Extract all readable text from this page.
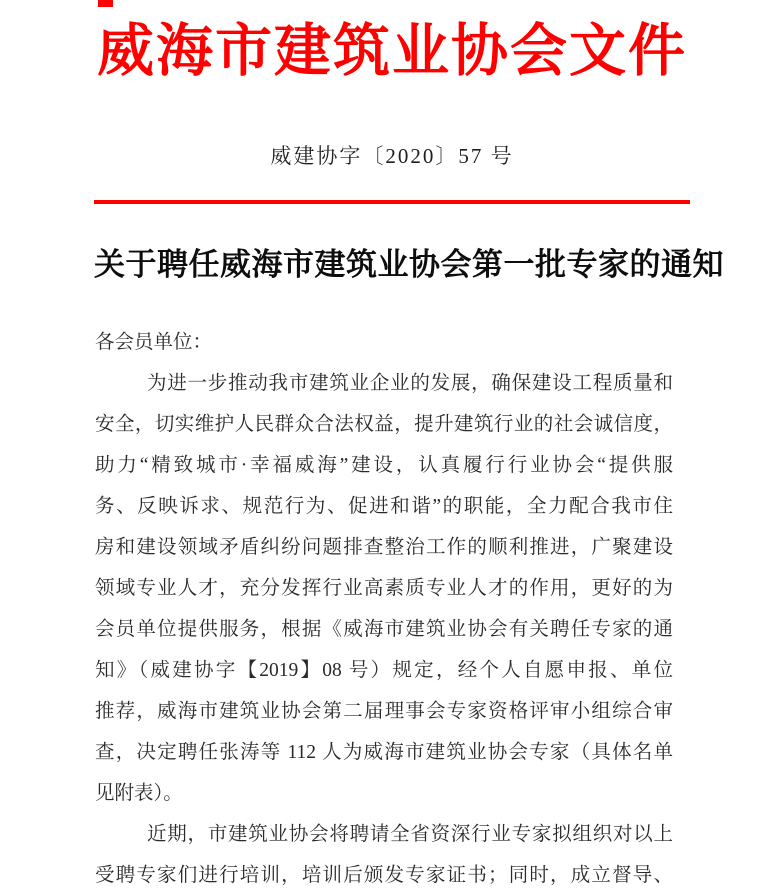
威海市建筑业协会文件
威建协字〔2020〕57 号
关于聘任威海市建筑业协会第一批专家的通知
各会员单位：
为进一步推动我市建筑业企业的发展，确保建设工程质量和
安全，切实维护人民群众合法权益，提升建筑行业的社会诚信度，
助力“精致城市·幸福威海”建设，认真履行行业协会“提供服
务、反映诉求、规范行为、促进和谐”的职能，全力配合我市住
房和建设领域矛盾纠纷问题排查整治工作的顺利推进，广聚建设
领域专业人才，充分发挥行业高素质专业人才的作用，更好的为
会员单位提供服务，根据《威海市建筑业协会有关聘任专家的通
知》（威建协字【2019】08 号）规定，经个人自愿申报、单位
推荐，威海市建筑业协会第二届理事会专家资格评审小组综合审
查，决定聘任张涛等 112 人为威海市建筑业协会专家（具体名单
见附表）。
近期，市建筑业协会将聘请全省资深行业专家拟组织对以上
受聘专家们进行培训，培训后颁发专家证书；同时，成立督导、
